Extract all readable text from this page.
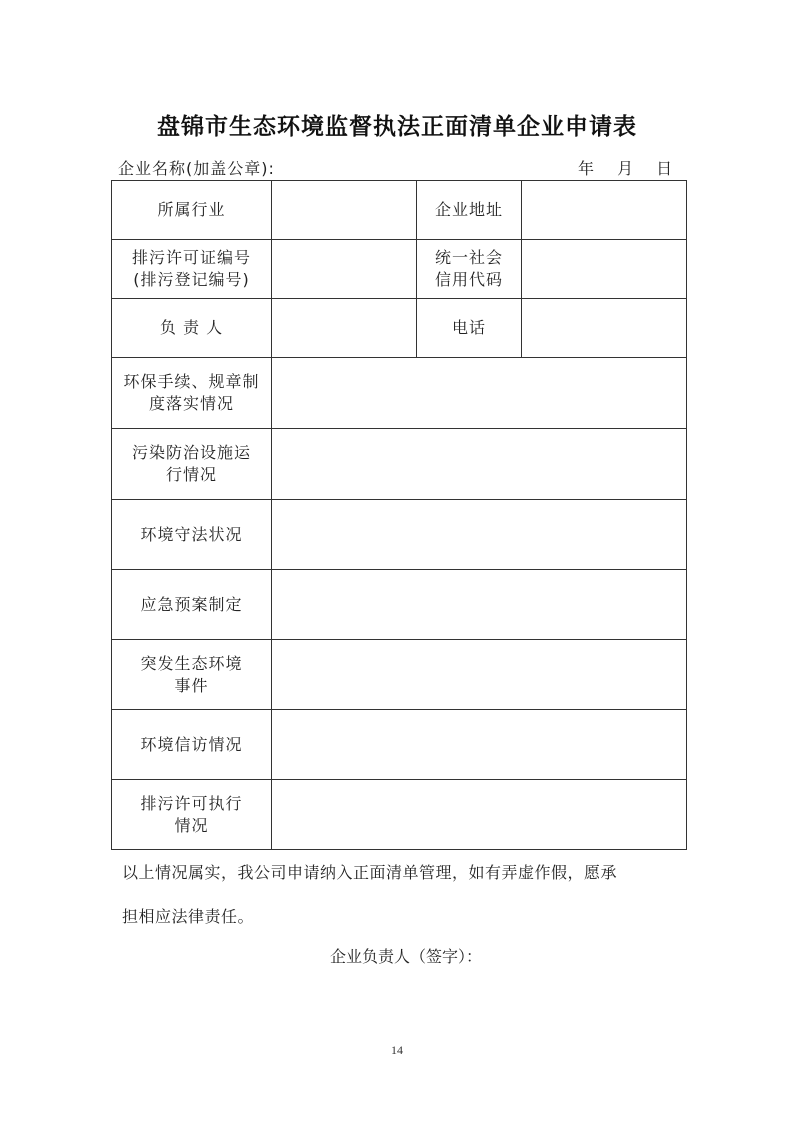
盘锦市生态环境监督执法正面清单企业申请表
企业名称(加盖公章):	年 月 日
所属行业		企业地址	

排污许可证编号
(排污登记编号)		统一社会
信用代码	

负 责 人		电话	

环保手续、规章制
度落实情况			

污染防治设施运
行情况			

环境守法状况			
应急预案制定			

突发生态环境
事件			

环境信访情况			

排污许可执行
情况			

以上情况属实，我公司申请纳入正面清单管理，如有弄虚作假，愿承
担相应法律责任。
企业负责人（签字）：
14
